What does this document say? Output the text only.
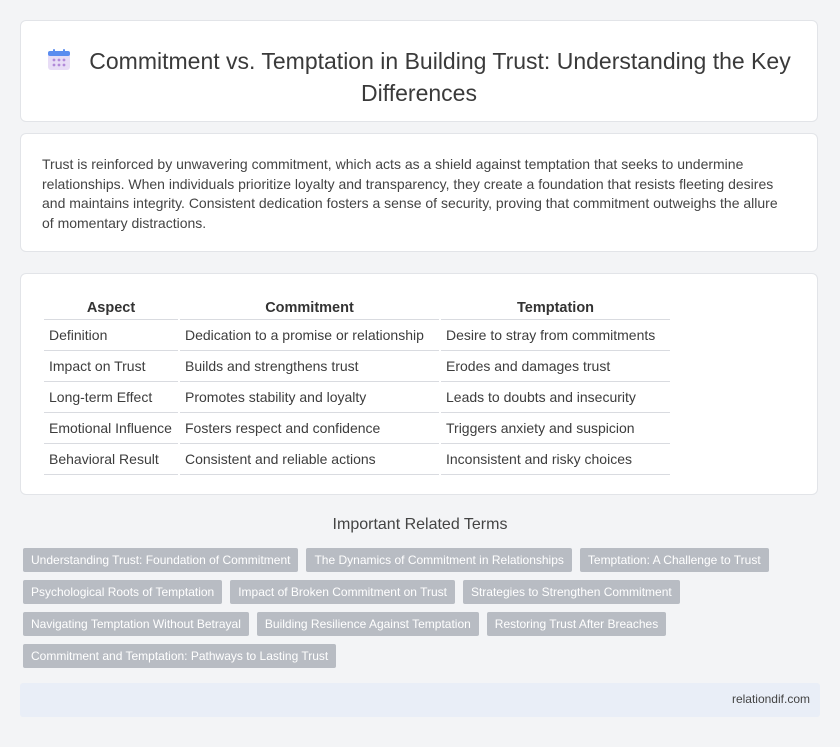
Commitment vs. Temptation in Building Trust: Understanding the Key Differences
Trust is reinforced by unwavering commitment, which acts as a shield against temptation that seeks to undermine relationships. When individuals prioritize loyalty and transparency, they create a foundation that resists fleeting desires and maintains integrity. Consistent dedication fosters a sense of security, proving that commitment outweighs the allure of momentary distractions.
Aspect	Commitment	Temptation
Definition	Dedication to a promise or relationship	Desire to stray from commitments
Impact on Trust	Builds and strengthens trust	Erodes and damages trust
Long-term Effect	Promotes stability and loyalty	Leads to doubts and insecurity
Emotional Influence	Fosters respect and confidence	Triggers anxiety and suspicion
Behavioral Result	Consistent and reliable actions	Inconsistent and risky choices
Important Related Terms
Understanding Trust: Foundation of Commitment	The Dynamics of Commitment in Relationships	Temptation: A Challenge to Trust
Psychological Roots of Temptation	Impact of Broken Commitment on Trust	Strategies to Strengthen Commitment
Navigating Temptation Without Betrayal	Building Resilience Against Temptation	Restoring Trust After Breaches
Commitment and Temptation: Pathways to Lasting Trust
relationdif.com
